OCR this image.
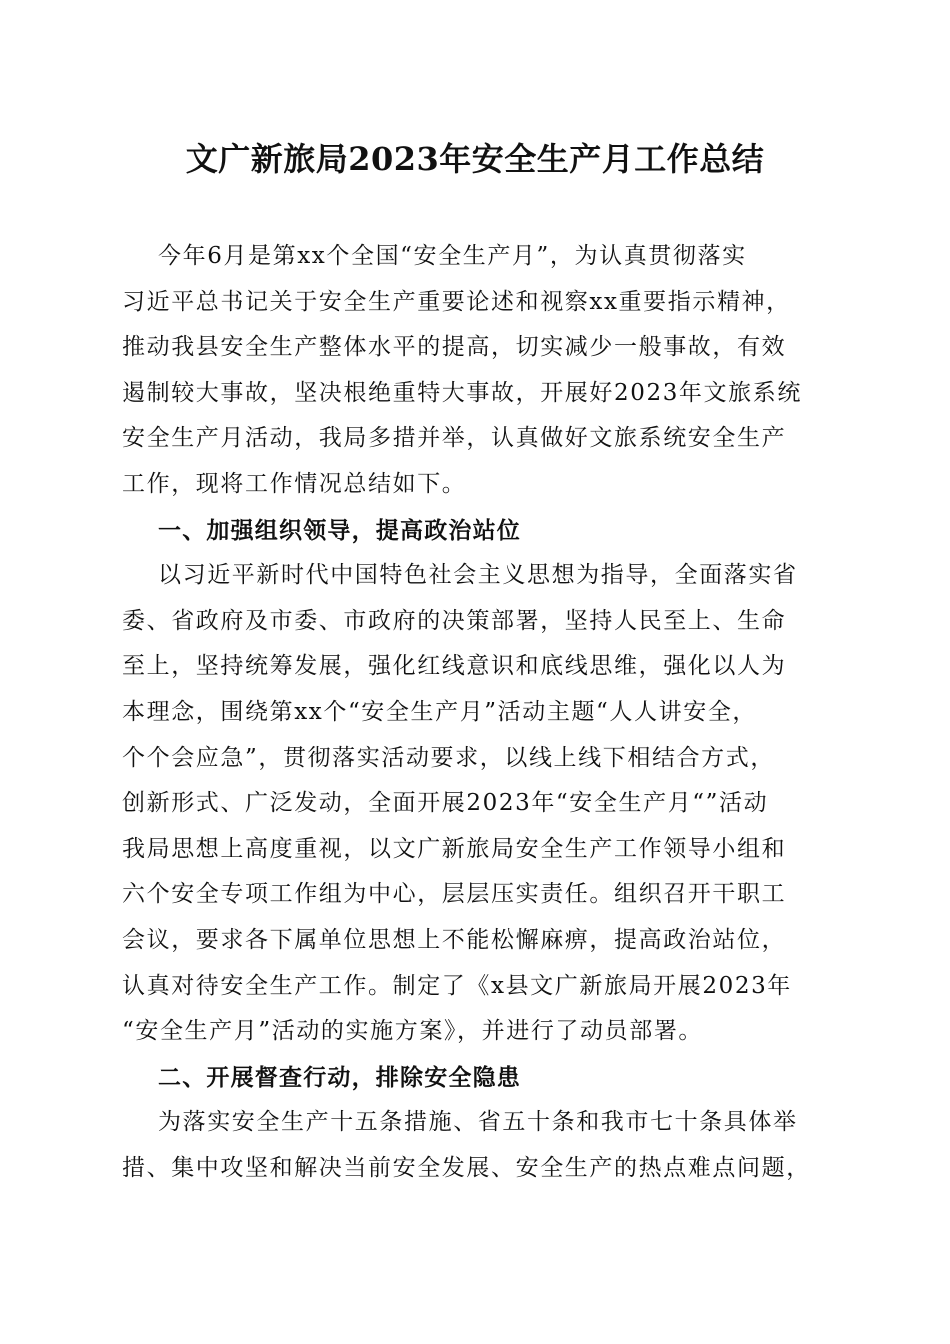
文广新旅局2023年安全生产月工作总结
今年6月是第xx个全国“安全生产月”，为认真贯彻落实
习近平总书记关于安全生产重要论述和视察xx重要指示精神，
推动我县安全生产整体水平的提高，切实减少一般事故，有效
遏制较大事故，坚决根绝重特大事故，开展好2023年文旅系统
安全生产月活动，我局多措并举，认真做好文旅系统安全生产
工作，现将工作情况总结如下。
一、加强组织领导，提高政治站位
以习近平新时代中国特色社会主义思想为指导，全面落实省
委、省政府及市委、市政府的决策部署，坚持人民至上、生命
至上，坚持统筹发展，强化红线意识和底线思维，强化以人为
本理念，围绕第xx个“安全生产月”活动主题“人人讲安全，
个个会应急”，贯彻落实活动要求，以线上线下相结合方式，
创新形式、广泛发动，全面开展2023年“安全生产月“”活动
我局思想上高度重视，以文广新旅局安全生产工作领导小组和
六个安全专项工作组为中心，层层压实责任。组织召开干职工
会议，要求各下属单位思想上不能松懈麻痹，提高政治站位，
认真对待安全生产工作。制定了《x县文广新旅局开展2023年
“安全生产月”活动的实施方案》，并进行了动员部署。
二、开展督查行动，排除安全隐患
为落实安全生产十五条措施、省五十条和我市七十条具体举
措、集中攻坚和解决当前安全发展、安全生产的热点难点问题，
